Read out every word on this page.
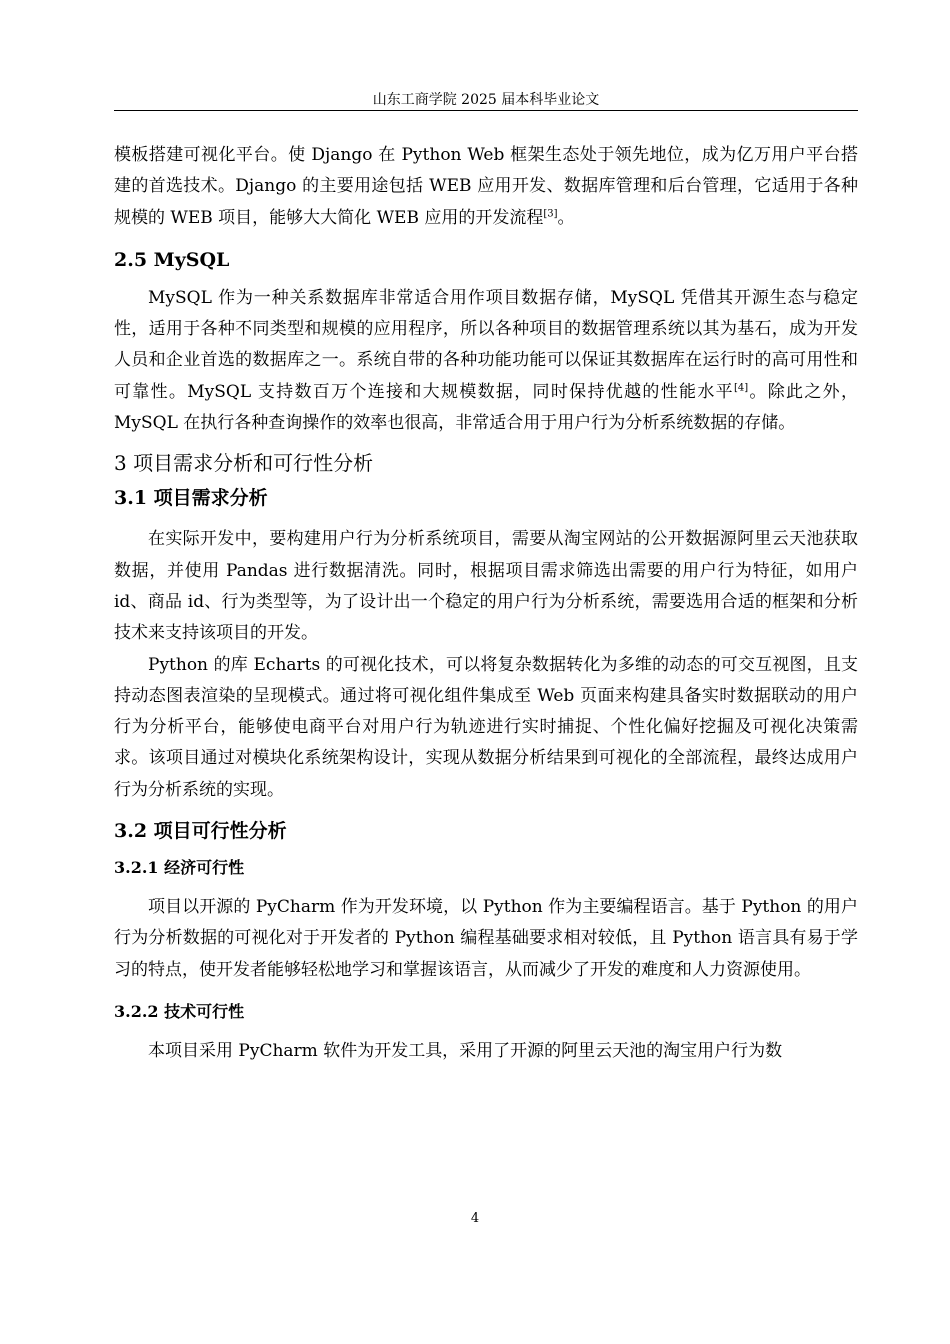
山东工商学院 2025 届本科毕业论文

模板搭建可视化平台。使 Django 在 Python Web 框架生态处于领先地位，成为亿万用户平台搭建的首选技术。Django 的主要用途包括 WEB 应用开发、数据库管理和后台管理，它适用于各种规模的 WEB 项目，能够大大简化 WEB 应用的开发流程[3]。

2.5 MySQL

MySQL 作为一种关系数据库非常适合用作项目数据存储，MySQL 凭借其开源生态与稳定性，适用于各种不同类型和规模的应用程序，所以各种项目的数据管理系统以其为基石，成为开发人员和企业首选的数据库之一。系统自带的各种功能功能可以保证其数据库在运行时的高可用性和可靠性。MySQL 支持数百万个连接和大规模数据，同时保持优越的性能水平[4]。除此之外，MySQL 在执行各种查询操作的效率也很高，非常适合用于用户行为分析系统数据的存储。

3 项目需求分析和可行性分析
3.1 项目需求分析

在实际开发中，要构建用户行为分析系统项目，需要从淘宝网站的公开数据源阿里云天池获取数据，并使用 Pandas 进行数据清洗。同时，根据项目需求筛选出需要的用户行为特征，如用户 id、商品 id、行为类型等，为了设计出一个稳定的用户行为分析系统，需要选用合适的框架和分析技术来支持该项目的开发。

Python 的库 Echarts 的可视化技术，可以将复杂数据转化为多维的动态的可交互视图，且支持动态图表渲染的呈现模式。通过将可视化组件集成至 Web 页面来构建具备实时数据联动的用户行为分析平台，能够使电商平台对用户行为轨迹进行实时捕捉、个性化偏好挖掘及可视化决策需求。该项目通过对模块化系统架构设计，实现从数据分析结果到可视化的全部流程，最终达成用户行为分析系统的实现。

3.2 项目可行性分析
3.2.1 经济可行性

项目以开源的 PyCharm 作为开发环境，以 Python 作为主要编程语言。基于 Python 的用户行为分析数据的可视化对于开发者的 Python 编程基础要求相对较低，且 Python 语言具有易于学习的特点，使开发者能够轻松地学习和掌握该语言，从而减少了开发的难度和人力资源使用。

3.2.2 技术可行性

本项目采用 PyCharm 软件为开发工具，采用了开源的阿里云天池的淘宝用户行为数

4
